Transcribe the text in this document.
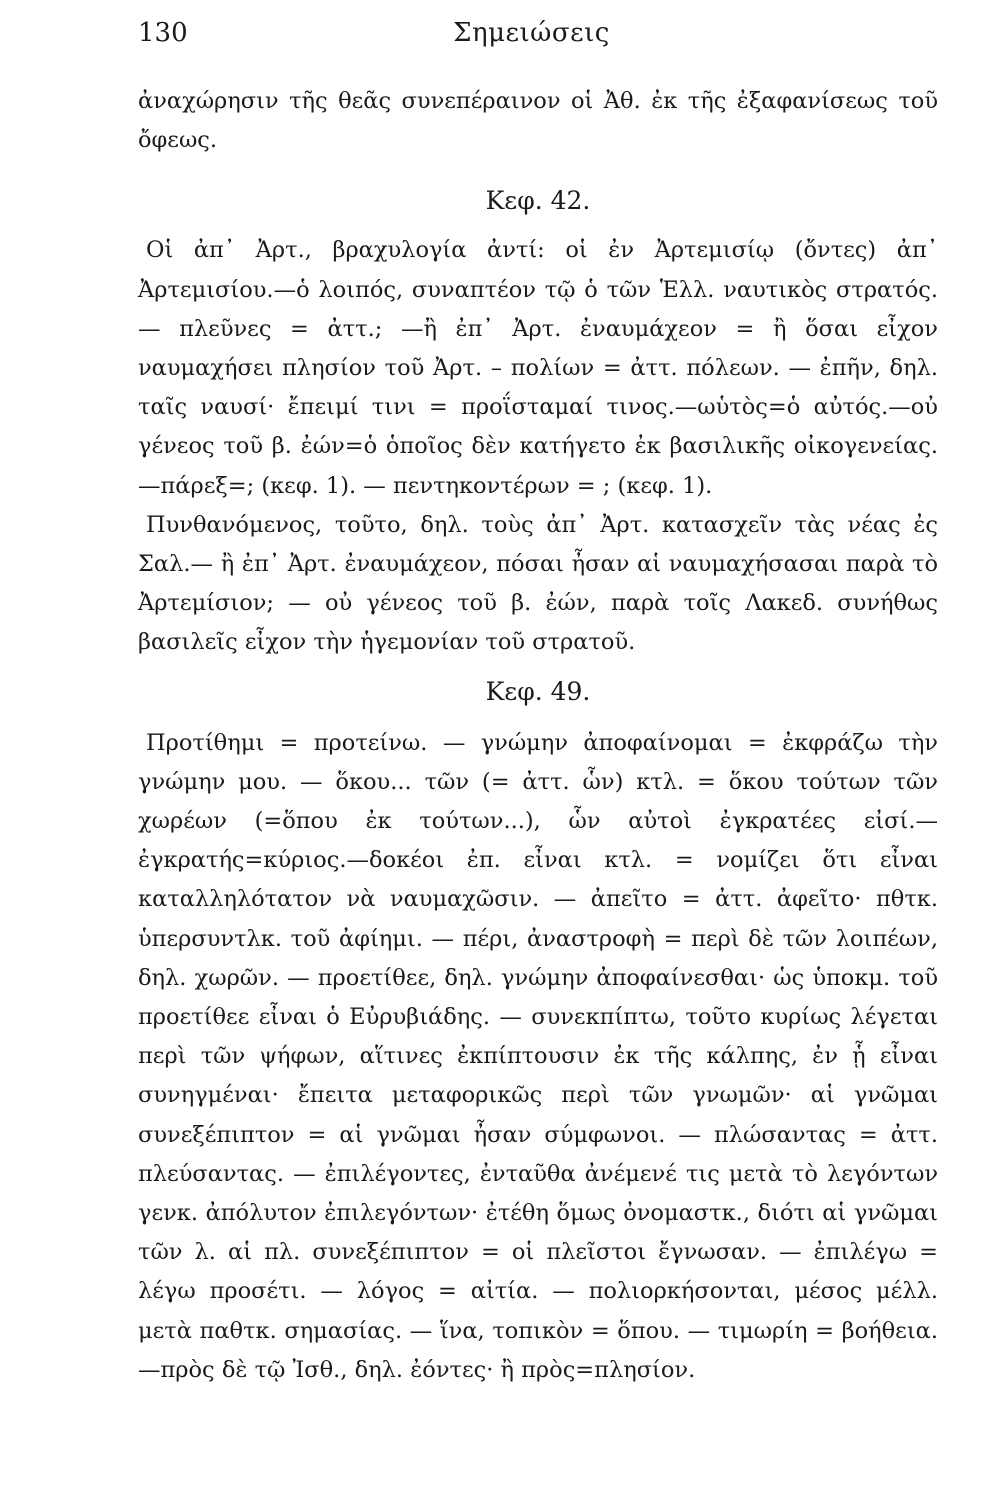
130	Σημειώσεις

ἀναχώρησιν τῆς θεᾶς συνεπέραινον οἱ Ἀθ. ἐκ τῆς ἐξαφανίσεως τοῦ ὄφεως.

Κεφ. 42.

Οἱ ἀπ᾽ Ἀρτ., βραχυλογία ἀντί: οἱ ἐν Ἀρτεμισίῳ (ὄντες) ἀπ᾽ Ἀρτεμισίου.—ὁ λοιπός, συναπτέον τῷ ὁ τῶν Ἑλλ. ναυτικὸς στρατός. — πλεῦνες = ἀττ.; —ἢ ἐπ᾽ Ἀρτ. ἐναυμάχεον = ἢ ὅσαι εἶχον ναυμαχήσει πλησίον τοῦ Ἀρτ. – πολίων = ἀττ. πόλεων. — ἐπῆν, δηλ. ταῖς ναυσί· ἔπειμί τινι = προΐσταμαί τινος.—ωὑτὸς=ὁ αὐτός.—οὐ γένεος τοῦ β. ἐών=ὁ ὁποῖος δὲν κατήγετο ἐκ βασιλικῆς οἰκογενείας.—πάρεξ=; (κεφ. 1). — πεντηκοντέρων = ; (κεφ. 1).

Πυνθανόμενος, τοῦτο, δηλ. τοὺς ἀπ᾽ Ἀρτ. κατασχεῖν τὰς νέας ἐς Σαλ.— ἢ ἐπ᾽ Ἀρτ. ἐναυμάχεον, πόσαι ἦσαν αἱ ναυμαχήσασαι παρὰ τὸ Ἀρτεμίσιον; — οὐ γένεος τοῦ β. ἐών, παρὰ τοῖς Λακεδ. συνήθως βασιλεῖς εἶχον τὴν ἡγεμονίαν τοῦ στρατοῦ.

Κεφ. 49.

Προτίθημι = προτείνω. — γνώμην ἀποφαίνομαι = ἐκφράζω τὴν γνώμην μου. — ὅκου... τῶν (= ἀττ. ὧν) κτλ. = ὅκου τούτων τῶν χωρέων (=ὅπου ἐκ τούτων...), ὧν αὐτοὶ ἐγκρατέες εἰσί.—ἐγκρατής=κύριος.—δοκέοι ἐπ. εἶναι κτλ. = νομίζει ὅτι εἶναι καταλληλότατον νὰ ναυμαχῶσιν. — ἀπεῖτο = ἀττ. ἀφεῖτο· πθτκ. ὑπερσυντλκ. τοῦ ἀφίημι. — πέρι, ἀναστροφὴ = περὶ δὲ τῶν λοιπέων, δηλ. χωρῶν. — προετίθεε, δηλ. γνώμην ἀποφαίνεσθαι· ὡς ὑποκμ. τοῦ προετίθεε εἶναι ὁ Εὐρυβιάδης. — συνεκπίπτω, τοῦτο κυρίως λέγεται περὶ τῶν ψήφων, αἵτινες ἐκπίπτουσιν ἐκ τῆς κάλπης, ἐν ᾗ εἶναι συνηγμέναι· ἔπειτα μεταφορικῶς περὶ τῶν γνωμῶν· αἱ γνῶμαι συνεξέπιπτον = αἱ γνῶμαι ἦσαν σύμφωνοι. — πλώσαντας = ἀττ. πλεύσαντας. — ἐπιλέγοντες, ἐνταῦθα ἀνέμενέ τις μετὰ τὸ λεγόντων γενκ. ἀπόλυτον ἐπιλεγόντων· ἐτέθη ὅμως ὀνομαστκ., διότι αἱ γνῶμαι τῶν λ. αἱ πλ. συνεξέπιπτον = οἱ πλεῖστοι ἔγνωσαν. — ἐπιλέγω = λέγω προσέτι. — λόγος = αἰτία. — πολιορκήσονται, μέσος μέλλ. μετὰ παθτκ. σημασίας. — ἵνα, τοπικὸν = ὅπου. — τιμωρίη = βοήθεια.—πρὸς δὲ τῷ Ἰσθ., δηλ. ἐόντες· ἢ πρὸς=πλησίον.
